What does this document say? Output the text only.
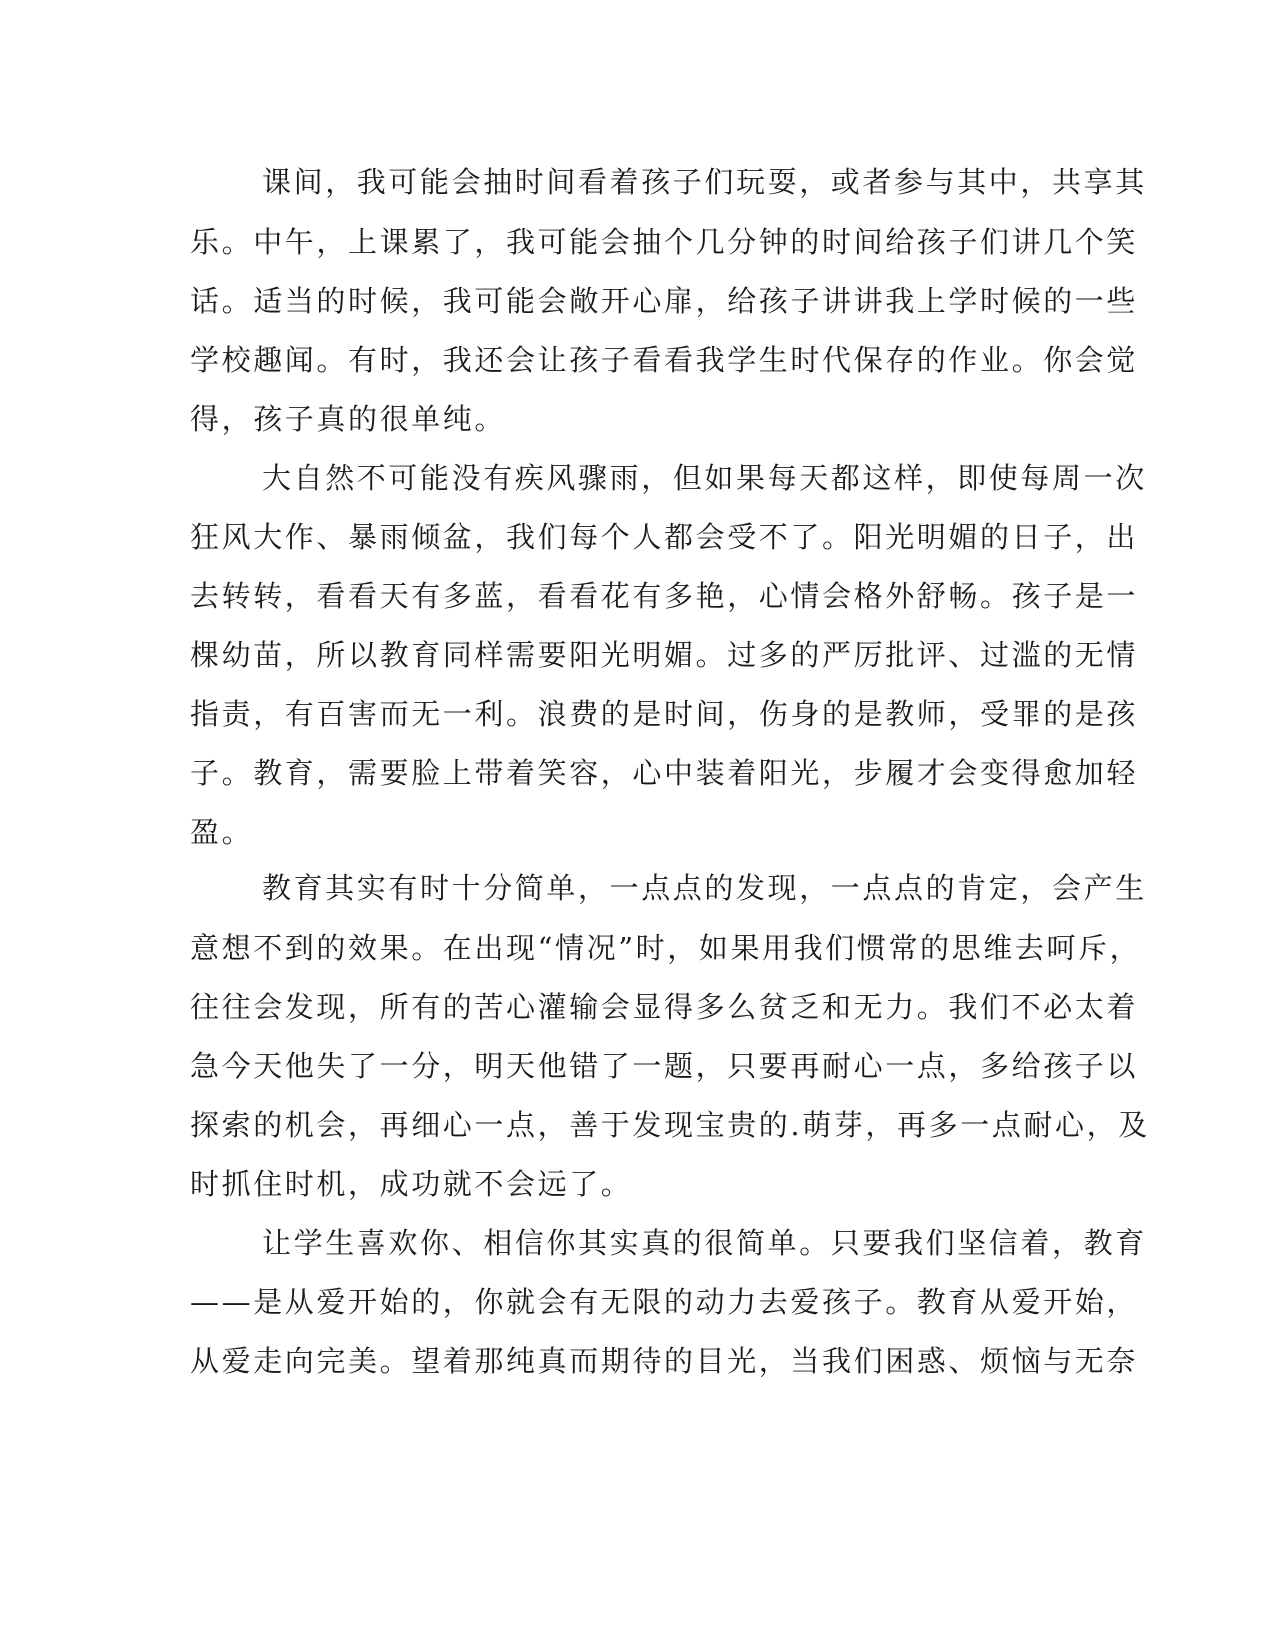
课间，我可能会抽时间看着孩子们玩耍，或者参与其中，共享其
乐。中午，上课累了，我可能会抽个几分钟的时间给孩子们讲几个笑
话。适当的时候，我可能会敞开心扉，给孩子讲讲我上学时候的一些
学校趣闻。有时，我还会让孩子看看我学生时代保存的作业。你会觉
得，孩子真的很单纯。
大自然不可能没有疾风骤雨，但如果每天都这样，即使每周一次
狂风大作、暴雨倾盆，我们每个人都会受不了。阳光明媚的日子，出
去转转，看看天有多蓝，看看花有多艳，心情会格外舒畅。孩子是一
棵幼苗，所以教育同样需要阳光明媚。过多的严厉批评、过滥的无情
指责，有百害而无一利。浪费的是时间，伤身的是教师，受罪的是孩
子。教育，需要脸上带着笑容，心中装着阳光，步履才会变得愈加轻
盈。
教育其实有时十分简单，一点点的发现，一点点的肯定，会产生
意想不到的效果。在出现“情况”时，如果用我们惯常的思维去呵斥，
往往会发现，所有的苦心灌输会显得多么贫乏和无力。我们不必太着
急今天他失了一分，明天他错了一题，只要再耐心一点，多给孩子以
探索的机会，再细心一点，善于发现宝贵的.萌芽，再多一点耐心，及
时抓住时机，成功就不会远了。
让学生喜欢你、相信你其实真的很简单。只要我们坚信着，教育
——是从爱开始的，你就会有无限的动力去爱孩子。教育从爱开始，
从爱走向完美。望着那纯真而期待的目光，当我们困惑、烦恼与无奈
